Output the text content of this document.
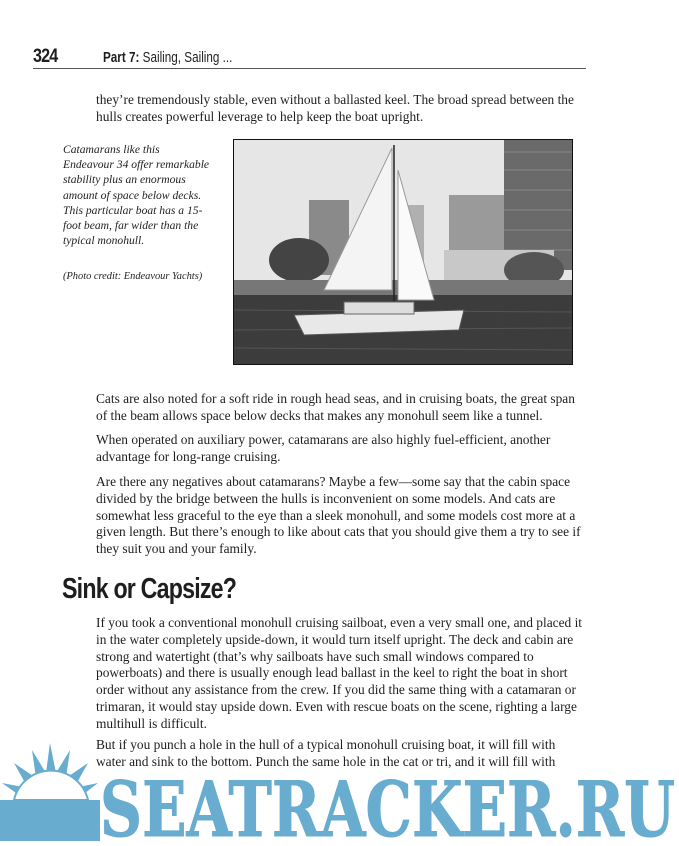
324	Part 7: Sailing, Sailing ...

they’re tremendously stable, even without a ballasted keel. The broad spread between the hulls creates powerful leverage to help keep the boat upright.

Catamarans like this Endeavour 34 offer remarkable stability plus an enormous amount of space below decks. This particular boat has a 15-foot beam, far wider than the typical monohull.
(Photo credit: Endeavour Yachts)

Cats are also noted for a soft ride in rough head seas, and in cruising boats, the great span of the beam allows space below decks that makes any monohull seem like a tunnel.

When operated on auxiliary power, catamarans are also highly fuel-efficient, another advantage for long-range cruising.

Are there any negatives about catamarans? Maybe a few—some say that the cabin space divided by the bridge between the hulls is inconvenient on some models. And cats are somewhat less graceful to the eye than a sleek monohull, and some models cost more at a given length. But there’s enough to like about cats that you should give them a try to see if they suit you and your family.

Sink or Capsize?

If you took a conventional monohull cruising sailboat, even a very small one, and placed it in the water completely upside-down, it would turn itself upright. The deck and cabin are strong and watertight (that’s why sailboats have such small windows compared to powerboats) and there is usually enough lead ballast in the keel to right the boat in short order without any assistance from the crew. If you did the same thing with a catamaran or trimaran, it would stay upside down. Even with rescue boats on the scene, righting a large multihull is difficult.

But if you punch a hole in the hull of a typical monohull cruising boat, it will fill with water and sink to the bottom. Punch the same hole in the cat or tri, and it will fill with

SEATRACKER.RU
